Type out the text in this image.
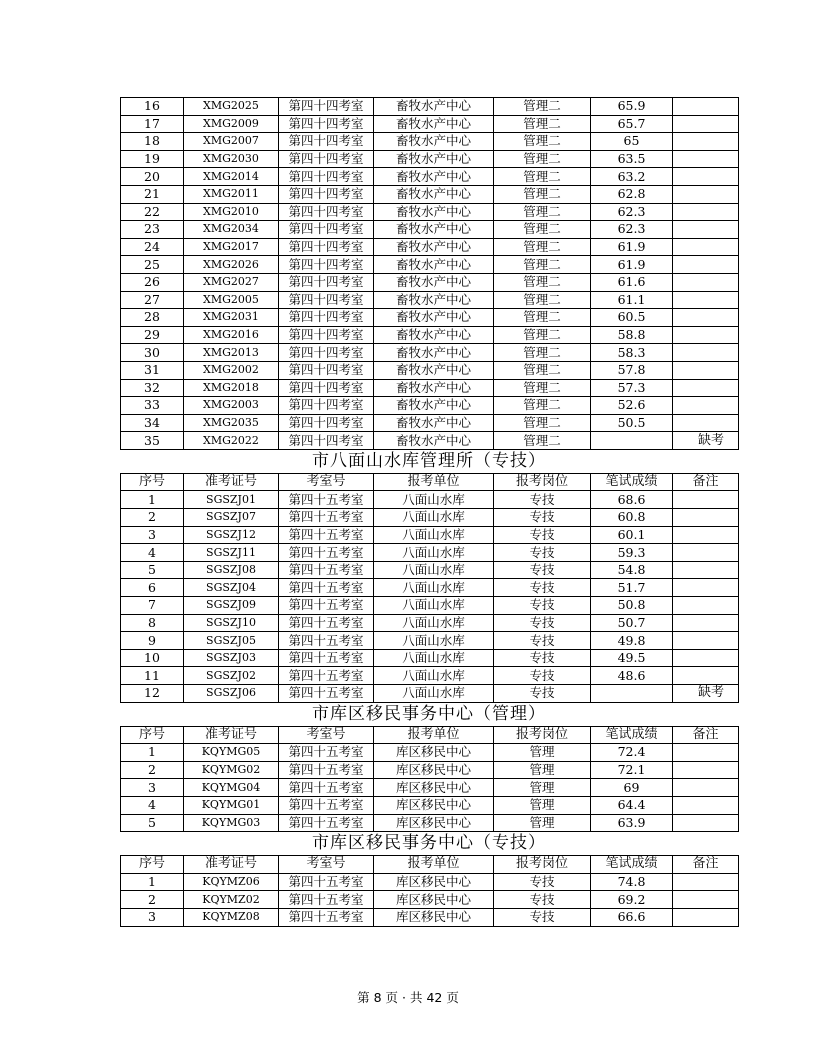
16	XMG2025	第四十四考室	畜牧水产中心	管理二	65.9	
17	XMG2009	第四十四考室	畜牧水产中心	管理二	65.7	
18	XMG2007	第四十四考室	畜牧水产中心	管理二	65	
19	XMG2030	第四十四考室	畜牧水产中心	管理二	63.5	
20	XMG2014	第四十四考室	畜牧水产中心	管理二	63.2	
21	XMG2011	第四十四考室	畜牧水产中心	管理二	62.8	
22	XMG2010	第四十四考室	畜牧水产中心	管理二	62.3	
23	XMG2034	第四十四考室	畜牧水产中心	管理二	62.3	
24	XMG2017	第四十四考室	畜牧水产中心	管理二	61.9	
25	XMG2026	第四十四考室	畜牧水产中心	管理二	61.9	
26	XMG2027	第四十四考室	畜牧水产中心	管理二	61.6	
27	XMG2005	第四十四考室	畜牧水产中心	管理二	61.1	
28	XMG2031	第四十四考室	畜牧水产中心	管理二	60.5	
29	XMG2016	第四十四考室	畜牧水产中心	管理二	58.8	
30	XMG2013	第四十四考室	畜牧水产中心	管理二	58.3	
31	XMG2002	第四十四考室	畜牧水产中心	管理二	57.8	
32	XMG2018	第四十四考室	畜牧水产中心	管理二	57.3	
33	XMG2003	第四十四考室	畜牧水产中心	管理二	52.6	
34	XMG2035	第四十四考室	畜牧水产中心	管理二	50.5	
35	XMG2022	第四十四考室	畜牧水产中心	管理二		缺考
市八面山水库管理所（专技）
序号	准考证号	考室号	报考单位	报考岗位	笔试成绩	备注
1	SGSZJ01	第四十五考室	八面山水库	专技	68.6	
2	SGSZJ07	第四十五考室	八面山水库	专技	60.8	
3	SGSZJ12	第四十五考室	八面山水库	专技	60.1	
4	SGSZJ11	第四十五考室	八面山水库	专技	59.3	
5	SGSZJ08	第四十五考室	八面山水库	专技	54.8	
6	SGSZJ04	第四十五考室	八面山水库	专技	51.7	
7	SGSZJ09	第四十五考室	八面山水库	专技	50.8	
8	SGSZJ10	第四十五考室	八面山水库	专技	50.7	
9	SGSZJ05	第四十五考室	八面山水库	专技	49.8	
10	SGSZJ03	第四十五考室	八面山水库	专技	49.5	
11	SGSZJ02	第四十五考室	八面山水库	专技	48.6	
12	SGSZJ06	第四十五考室	八面山水库	专技		缺考
市库区移民事务中心（管理）
序号	准考证号	考室号	报考单位	报考岗位	笔试成绩	备注
1	KQYMG05	第四十五考室	库区移民中心	管理	72.4	
2	KQYMG02	第四十五考室	库区移民中心	管理	72.1	
3	KQYMG04	第四十五考室	库区移民中心	管理	69	
4	KQYMG01	第四十五考室	库区移民中心	管理	64.4	
5	KQYMG03	第四十五考室	库区移民中心	管理	63.9	
市库区移民事务中心（专技）
序号	准考证号	考室号	报考单位	报考岗位	笔试成绩	备注
1	KQYMZ06	第四十五考室	库区移民中心	专技	74.8	
2	KQYMZ02	第四十五考室	库区移民中心	专技	69.2	
3	KQYMZ08	第四十五考室	库区移民中心	专技	66.6	
第 8 页 · 共 42 页
